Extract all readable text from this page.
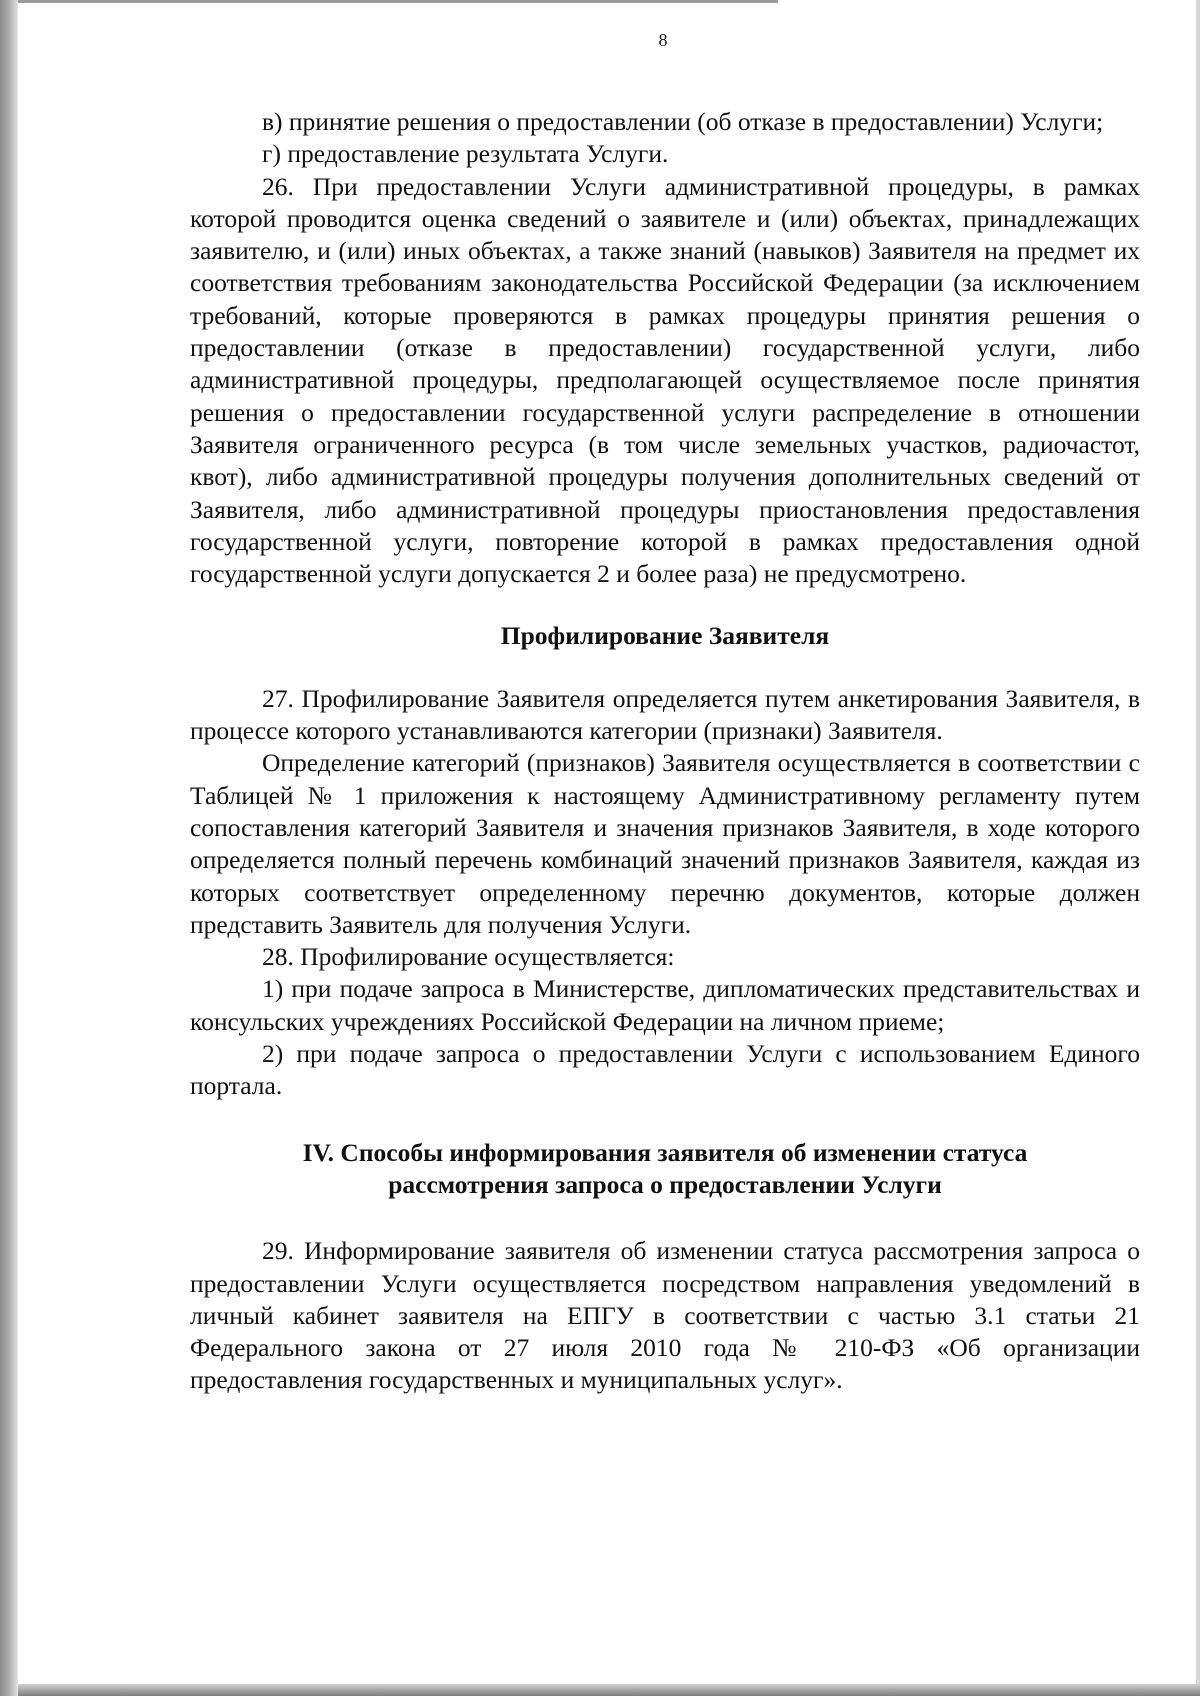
8

в) принятие решения о предоставлении (об отказе в предоставлении) Услуги;

г) предоставление результата Услуги.

26. При предоставлении Услуги административной процедуры, в рамках которой проводится оценка сведений о заявителе и (или) объектах, принадлежащих заявителю, и (или) иных объектах, а также знаний (навыков) Заявителя на предмет их соответствия требованиям законодательства Российской Федерации (за исключением требований, которые проверяются в рамках процедуры принятия решения о предоставлении (отказе в предоставлении) государственной услуги, либо административной процедуры, предполагающей осуществляемое после принятия решения о предоставлении государственной услуги распределение в отношении Заявителя ограниченного ресурса (в том числе земельных участков, радиочастот, квот), либо административной процедуры получения дополнительных сведений от Заявителя, либо административной процедуры приостановления предоставления государственной услуги, повторение которой в рамках предоставления одной государственной услуги допускается 2 и более раза) не предусмотрено.

Профилирование Заявителя

27. Профилирование Заявителя определяется путем анкетирования Заявителя, в процессе которого устанавливаются категории (признаки) Заявителя.

Определение категорий (признаков) Заявителя осуществляется в соответствии с Таблицей № 1 приложения к настоящему Административному регламенту путем сопоставления категорий Заявителя и значения признаков Заявителя, в ходе которого определяется полный перечень комбинаций значений признаков Заявителя, каждая из которых соответствует определенному перечню документов, которые должен представить Заявитель для получения Услуги.

28. Профилирование осуществляется:

1) при подаче запроса в Министерстве, дипломатических представительствах и консульских учреждениях Российской Федерации на личном приеме;

2) при подаче запроса о предоставлении Услуги с использованием Единого портала.

IV. Способы информирования заявителя об изменении статуса
рассмотрения запроса о предоставлении Услуги

29. Информирование заявителя об изменении статуса рассмотрения запроса о предоставлении Услуги осуществляется посредством направления уведомлений в личный кабинет заявителя на ЕПГУ в соответствии с частью 3.1 статьи 21 Федерального закона от 27 июля 2010 года № 210-ФЗ «Об организации предоставления государственных и муниципальных услуг».
